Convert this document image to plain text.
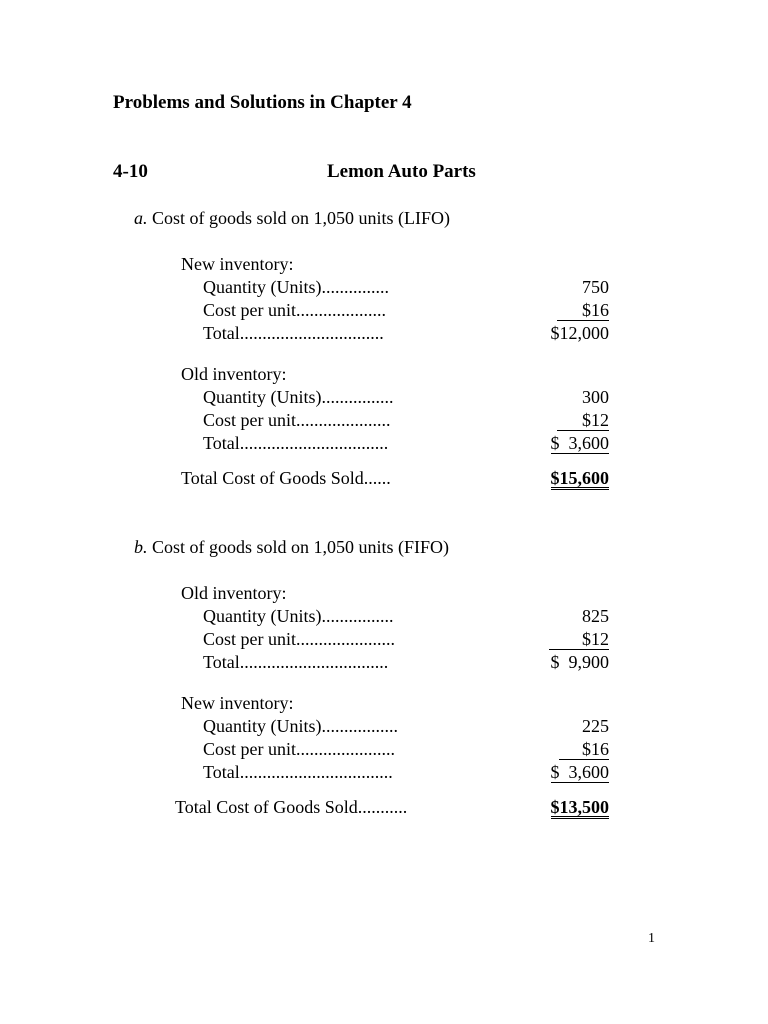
Problems and Solutions in Chapter 4
4-10	Lemon Auto Parts
a. Cost of goods sold on 1,050 units (LIFO)
New inventory:
Quantity (Units)...............	750
Cost per unit....................	$16
Total................................	$12,000
Old inventory:
Quantity (Units)................	300
Cost per unit.....................	$12
Total.................................	$  3,600
Total Cost of Goods Sold......	$15,600
b. Cost of goods sold on 1,050 units (FIFO)
Old inventory:
Quantity (Units)................	825
Cost per unit......................	$12
Total.................................	$  9,900
New inventory:
Quantity (Units).................	225
Cost per unit......................	$16
Total..................................	$  3,600
Total Cost of Goods Sold...........	$13,500
1
